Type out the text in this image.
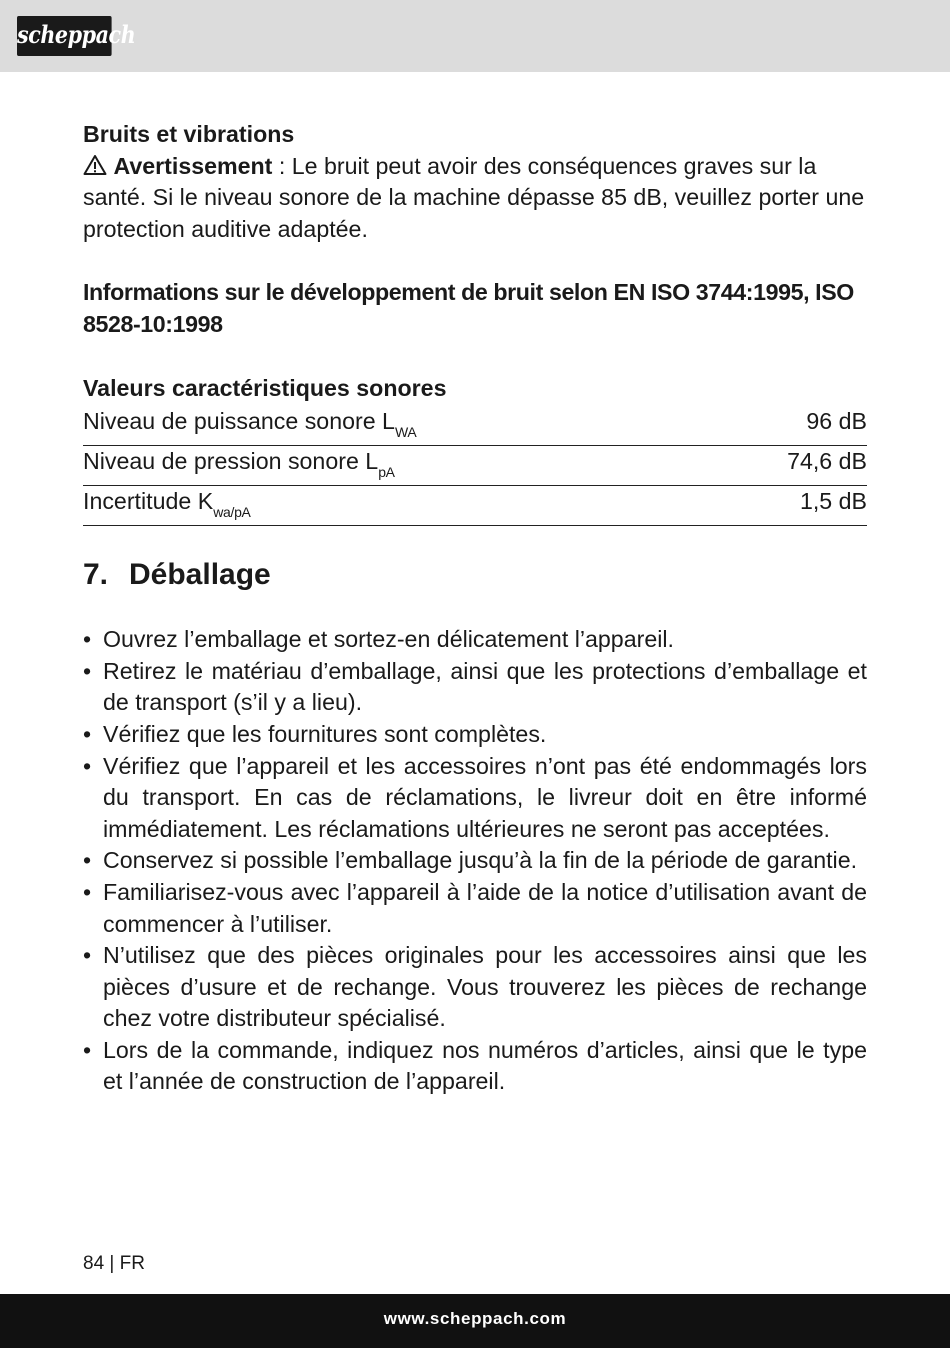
scheppach

Bruits et vibrations

Avertissement : Le bruit peut avoir des conséquences graves sur la santé. Si le niveau sonore de la machine dépasse 85 dB, veuillez porter une protection auditive adaptée.

Informations sur le développement de bruit selon EN ISO 3744:1995, ISO 8528-10:1998

Valeurs caractéristiques sonores

Niveau de puissance sonore $L_{WA}$	96 dB
Niveau de pression sonore $L_{pA}$	74,6 dB
Incertitude $K_{wa/pA}$	1,5 dB
7. Déballage
• Ouvrez l’emballage et sortez-en délicatement l’appareil.
• Retirez le matériau d’emballage, ainsi que les protections d’emballage et de transport (s’il y a lieu).
• Vérifiez que les fournitures sont complètes.
• Vérifiez que l’appareil et les accessoires n’ont pas été endommagés lors du transport. En cas de réclamations, le livreur doit en être informé immédiatement. Les réclamations ultérieures ne seront pas acceptées.
• Conservez si possible l’emballage jusqu’à la fin de la période de garantie.
• Familiarisez-vous avec l’appareil à l’aide de la notice d’utilisation avant de commencer à l’utiliser.
• N’utilisez que des pièces originales pour les accessoires ainsi que les pièces d’usure et de rechange. Vous trouverez les pièces de rechange chez votre distributeur spécialisé.
• Lors de la commande, indiquez nos numéros d’articles, ainsi que le type et l’année de construction de l’appareil.
84 | FR
www.scheppach.com
